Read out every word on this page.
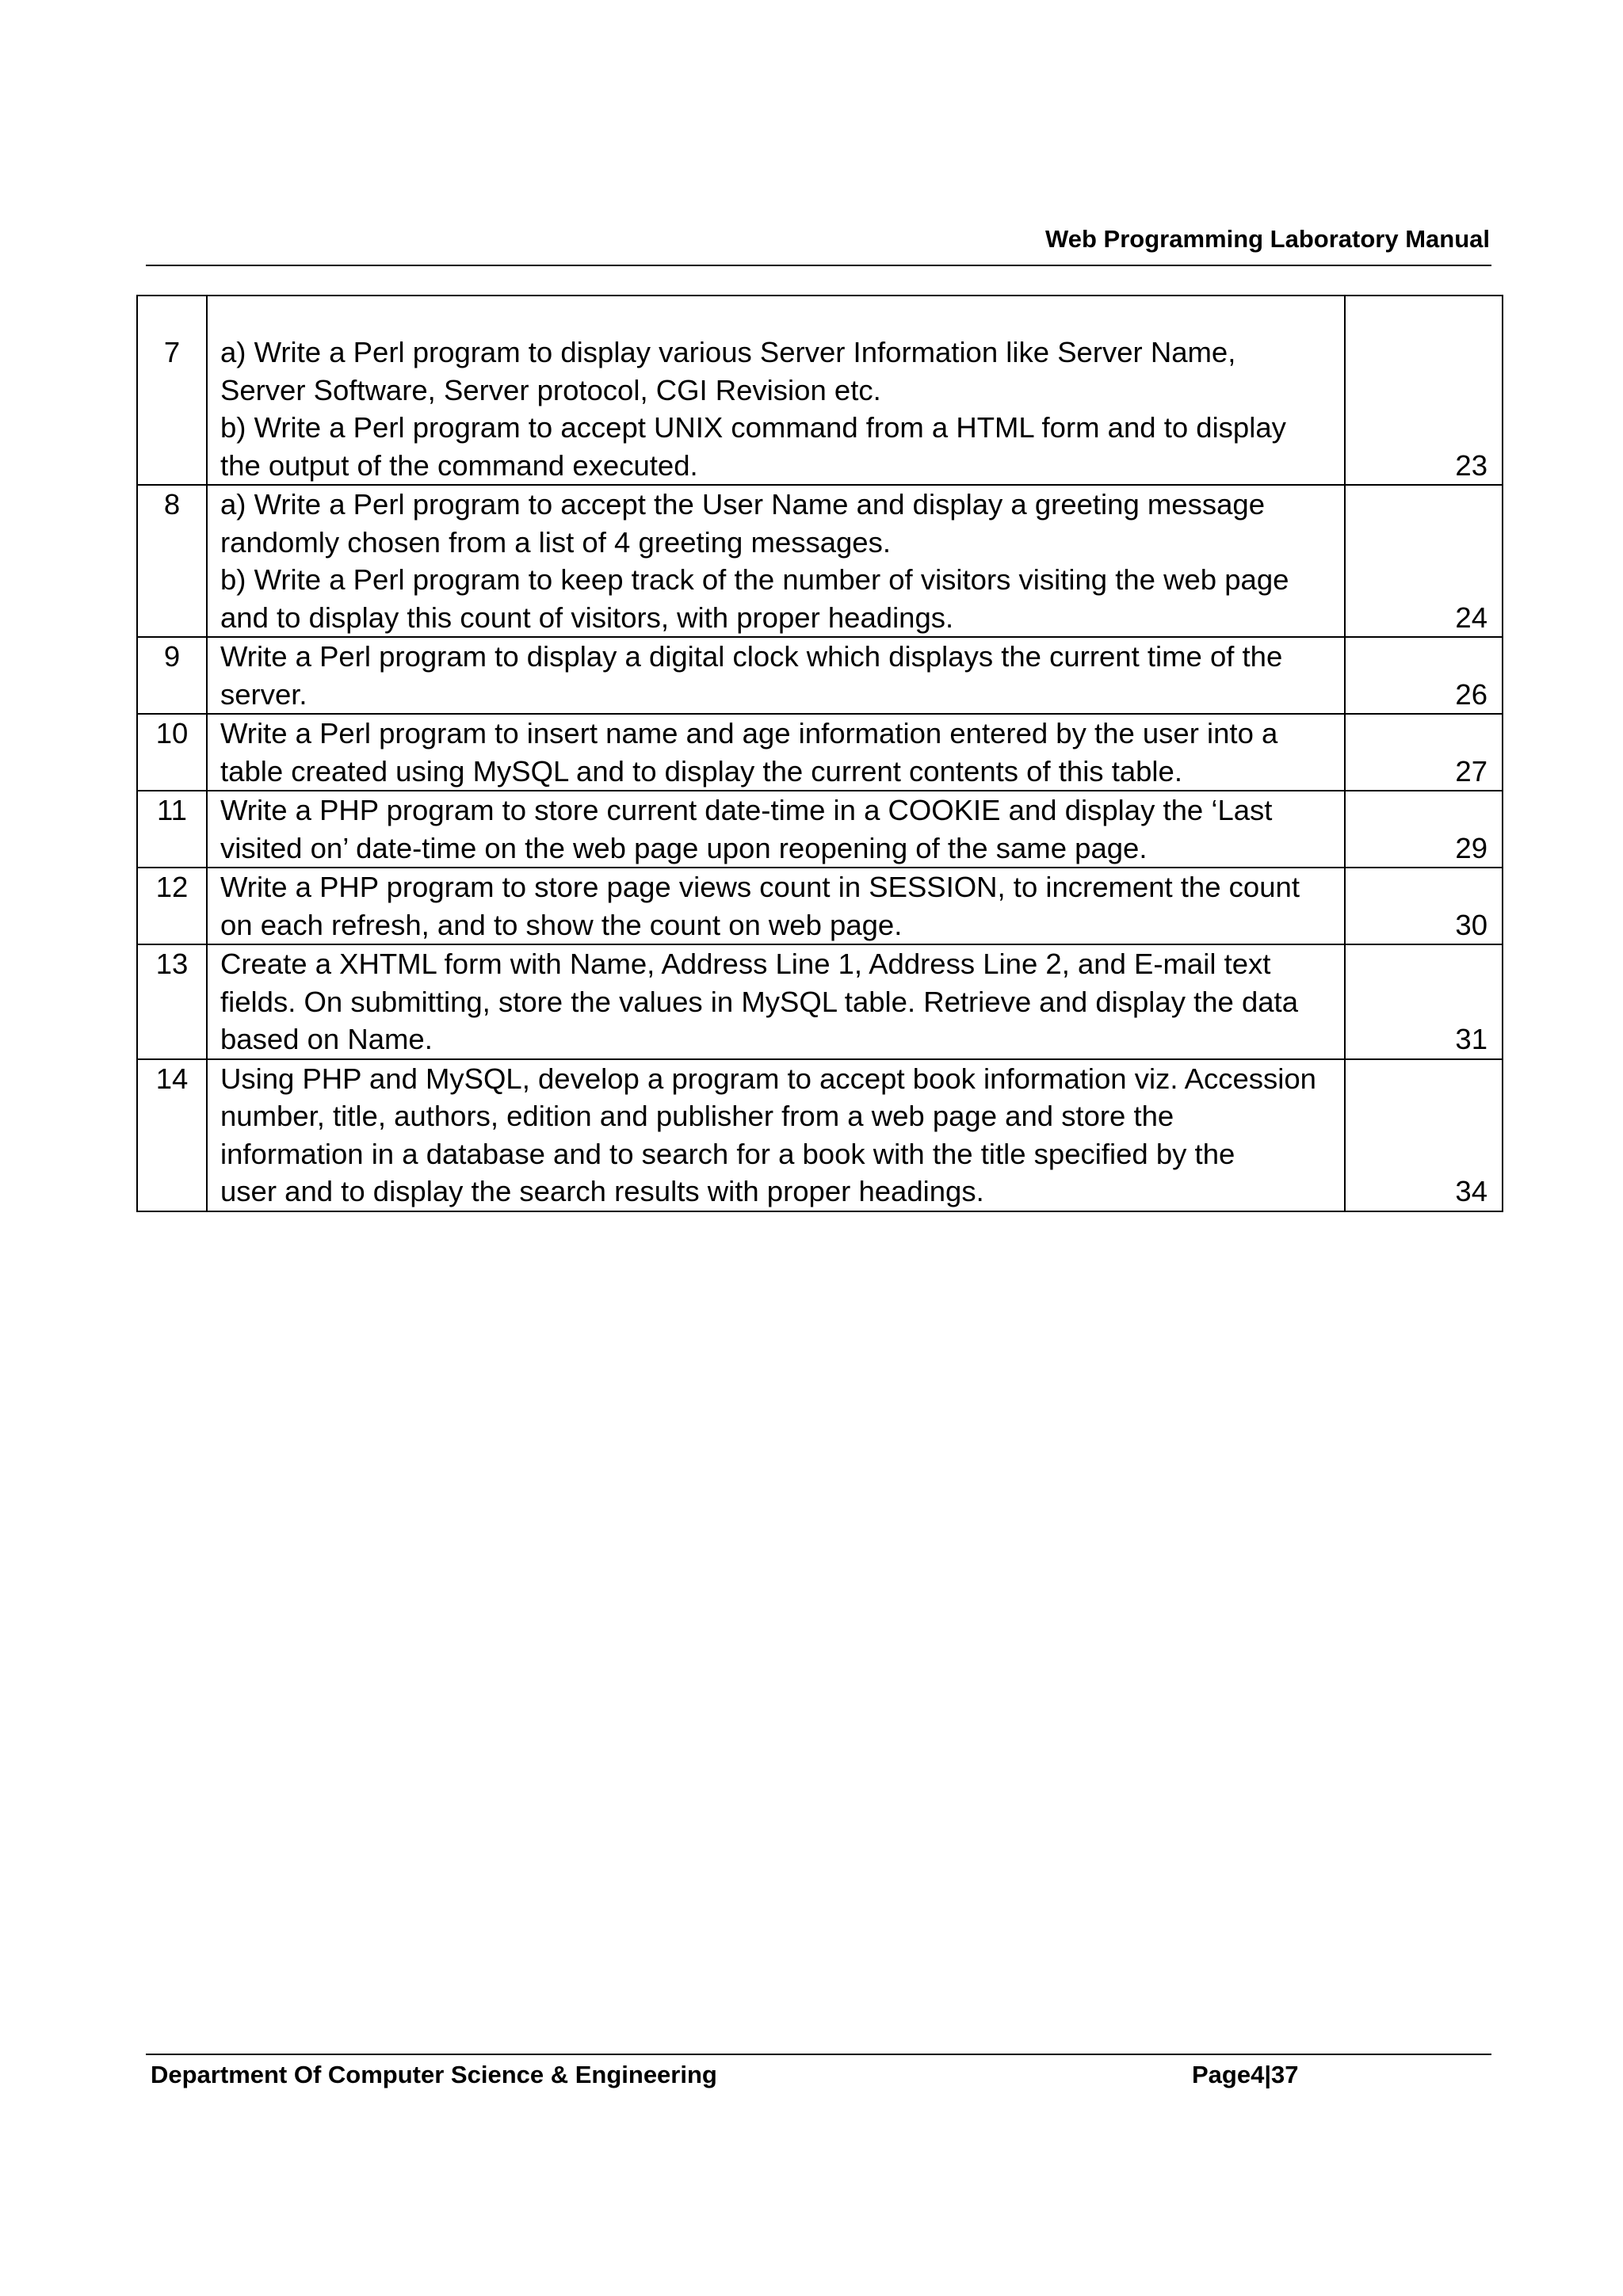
Web Programming Laboratory Manual
7	a) Write a Perl program to display various Server Information like Server Name,
Server Software, Server protocol, CGI Revision etc.
b) Write a Perl program to accept UNIX command from a HTML form and to display
the output of the command executed.	23
8	a) Write a Perl program to accept the User Name and display a greeting message
randomly chosen from a list of 4 greeting messages.
b) Write a Perl program to keep track of the number of visitors visiting the web page
and to display this count of visitors, with proper headings.	24
9	Write a Perl program to display a digital clock which displays the current time of the
server.	26
10	Write a Perl program to insert name and age information entered by the user into a
table created using MySQL and to display the current contents of this table.	27
11	Write a PHP program to store current date-time in a COOKIE and display the ‘Last
visited on’ date-time on the web page upon reopening of the same page.	29
12	Write a PHP program to store page views count in SESSION, to increment the count
on each refresh, and to show the count on web page.	30
13	Create a XHTML form with Name, Address Line 1, Address Line 2, and E-mail text
fields. On submitting, store the values in MySQL table. Retrieve and display the data
based on Name.	31
14	Using PHP and MySQL, develop a program to accept book information viz. Accession
number, title, authors, edition and publisher from a web page and store the
information in a database and to search for a book with the title specified by the
user and to display the search results with proper headings.	34
Department Of Computer Science & Engineering	Page4|37
